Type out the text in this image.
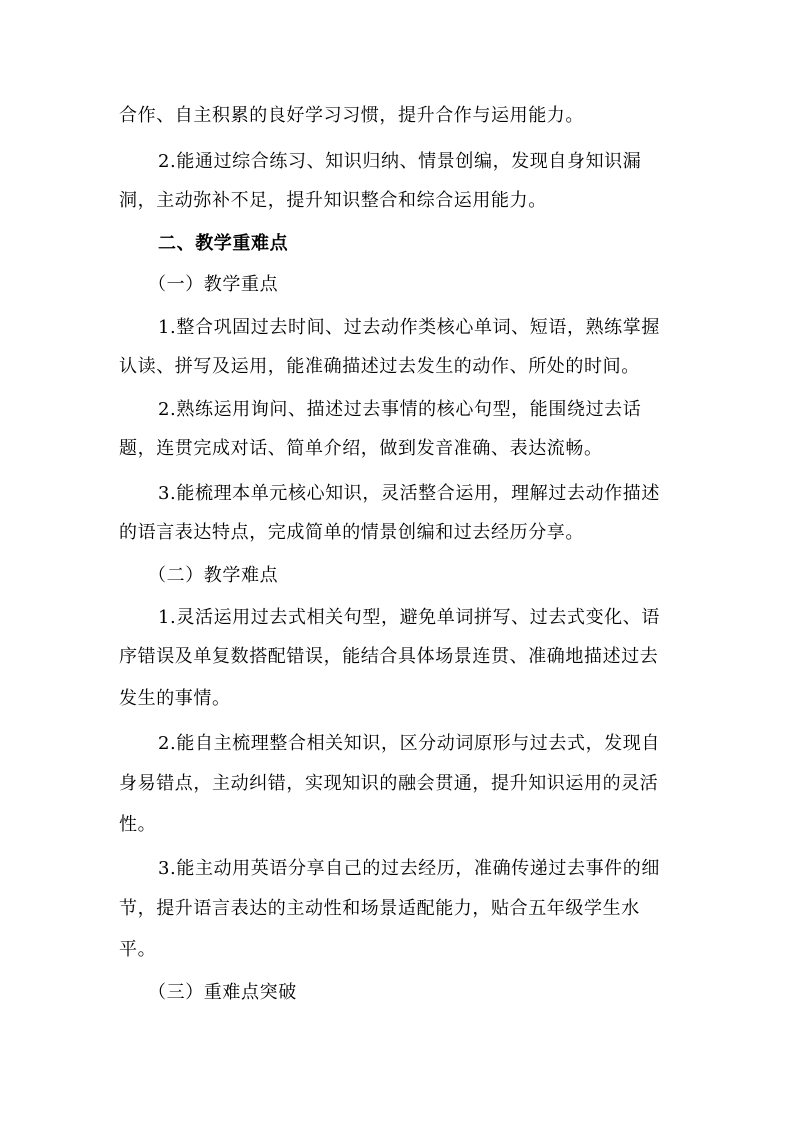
合作、自主积累的良好学习习惯，提升合作与运用能力。
2.能通过综合练习、知识归纳、情景创编，发现自身知识漏
洞，主动弥补不足，提升知识整合和综合运用能力。
二、教学重难点
（一）教学重点
1.整合巩固过去时间、过去动作类核心单词、短语，熟练掌握
认读、拼写及运用，能准确描述过去发生的动作、所处的时间。
2.熟练运用询问、描述过去事情的核心句型，能围绕过去话
题，连贯完成对话、简单介绍，做到发音准确、表达流畅。
3.能梳理本单元核心知识，灵活整合运用，理解过去动作描述
的语言表达特点，完成简单的情景创编和过去经历分享。
（二）教学难点
1.灵活运用过去式相关句型，避免单词拼写、过去式变化、语
序错误及单复数搭配错误，能结合具体场景连贯、准确地描述过去
发生的事情。
2.能自主梳理整合相关知识，区分动词原形与过去式，发现自
身易错点，主动纠错，实现知识的融会贯通，提升知识运用的灵活
性。
3.能主动用英语分享自己的过去经历，准确传递过去事件的细
节，提升语言表达的主动性和场景适配能力，贴合五年级学生水
平。
（三）重难点突破
